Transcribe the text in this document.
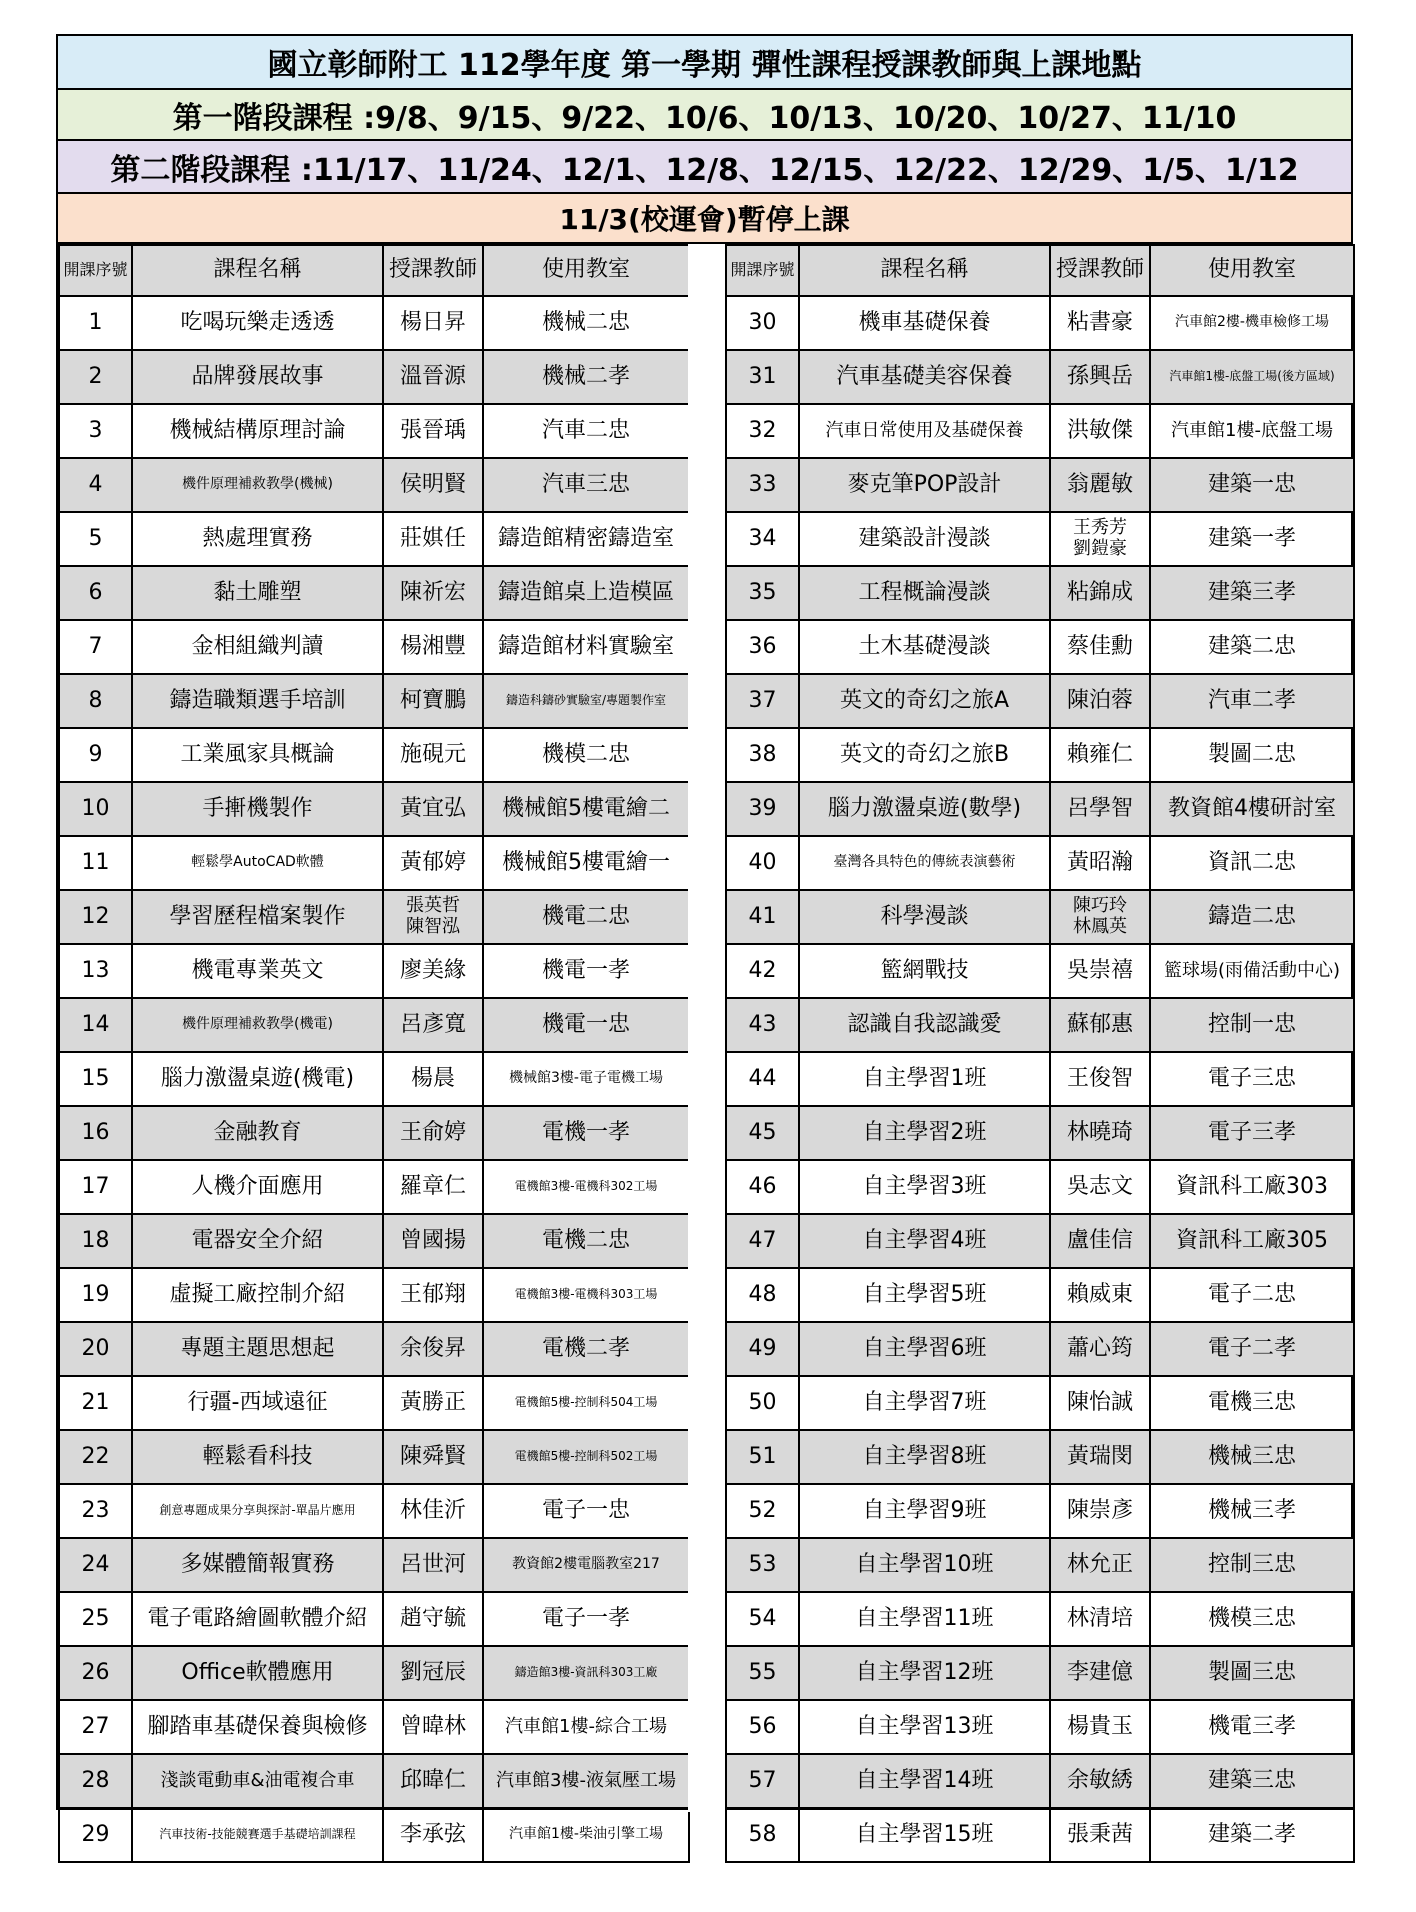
國立彰師附工 112學年度 第一學期 彈性課程授課教師與上課地點
第一階段課程 :9/8、9/15、9/22、10/6、10/13、10/20、10/27、11/10
第二階段課程 :11/17、11/24、12/1、12/8、12/15、12/22、12/29、1/5、1/12
11/3(校運會)暫停上課
開課序號	課程名稱	授課教師	使用教室
1	吃喝玩樂走透透	楊日昇	機械二忠
2	品牌發展故事	溫晉源	機械二孝
3	機械結構原理討論	張晉瑀	汽車二忠
4	機件原理補救教學(機械)	侯明賢	汽車三忠
5	熱處理實務	莊娸任	鑄造館精密鑄造室
6	黏土雕塑	陳祈宏	鑄造館桌上造模區
7	金相組織判讀	楊湘豐	鑄造館材料實驗室
8	鑄造職類選手培訓	柯寶鵬	鑄造科鑄砂實驗室/專題製作室
9	工業風家具概論	施硯元	機模二忠
10	手搟機製作	黃宜弘	機械館5樓電繪二
11	輕鬆學AutoCAD軟體	黃郁婷	機械館5樓電繪一
12	學習歷程檔案製作	張英哲
陳智泓	機電二忠
13	機電專業英文	廖美緣	機電一孝
14	機件原理補救教學(機電)	呂彥寬	機電一忠
15	腦力激盪桌遊(機電)	楊晨	機械館3樓-電子電機工場
16	金融教育	王俞婷	電機一孝
17	人機介面應用	羅章仁	電機館3樓-電機科302工場
18	電器安全介紹	曾國揚	電機二忠
19	虛擬工廠控制介紹	王郁翔	電機館3樓-電機科303工場
20	專題主題思想起	余俊昇	電機二孝
21	行疆-西域遠征	黃勝正	電機館5樓-控制科504工場
22	輕鬆看科技	陳舜賢	電機館5樓-控制科502工場
23	創意專題成果分享與探討-單晶片應用	林佳沂	電子一忠
24	多媒體簡報實務	呂世河	教資館2樓電腦教室217
25	電子電路繪圖軟體介紹	趙守毓	電子一孝
26	Office軟體應用	劉冠辰	鑄造館3樓-資訊科303工廠
27	腳踏車基礎保養與檢修	曾暐林	汽車館1樓-綜合工場
28	淺談電動車&油電複合車	邱暐仁	汽車館3樓-液氣壓工場
29	汽車技術-技能競賽選手基礎培訓課程	李承弦	汽車館1樓-柴油引擎工場
開課序號	課程名稱	授課教師	使用教室
30	機車基礎保養	粘書豪	汽車館2樓-機車檢修工場
31	汽車基礎美容保養	孫興岳	汽車館1樓-底盤工場(後方區域)
32	汽車日常使用及基礎保養	洪敏傑	汽車館1樓-底盤工場
33	麥克筆POP設計	翁麗敏	建築一忠
34	建築設計漫談	王秀芳
劉鎧豪	建築一孝
35	工程概論漫談	粘錦成	建築三孝
36	土木基礎漫談	蔡佳勳	建築二忠
37	英文的奇幻之旅A	陳泊蓉	汽車二孝
38	英文的奇幻之旅B	賴雍仁	製圖二忠
39	腦力激盪桌遊(數學)	呂學智	教資館4樓研討室
40	臺灣各具特色的傳統表演藝術	黃昭瀚	資訊二忠
41	科學漫談	陳巧玲
林鳳英	鑄造二忠
42	籃網戰技	吳崇禧	籃球場(雨備活動中心)
43	認識自我認識愛	蘇郁惠	控制一忠
44	自主學習1班	王俊智	電子三忠
45	自主學習2班	林曉琦	電子三孝
46	自主學習3班	吳志文	資訊科工廠303
47	自主學習4班	盧佳信	資訊科工廠305
48	自主學習5班	賴威東	電子二忠
49	自主學習6班	蕭心筠	電子二孝
50	自主學習7班	陳怡誠	電機三忠
51	自主學習8班	黃瑞閔	機械三忠
52	自主學習9班	陳崇彥	機械三孝
53	自主學習10班	林允正	控制三忠
54	自主學習11班	林清培	機模三忠
55	自主學習12班	李建億	製圖三忠
56	自主學習13班	楊貴玉	機電三孝
57	自主學習14班	余敏綉	建築三忠
58	自主學習15班	張秉茜	建築二孝
